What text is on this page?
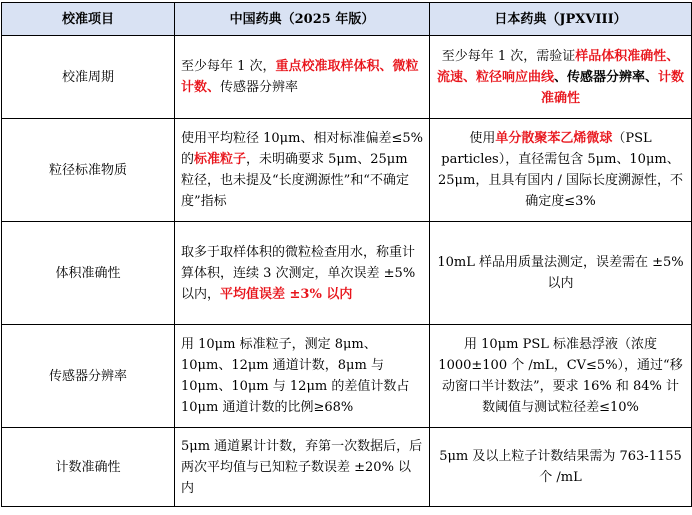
校准项目	中国药典（2025 年版）	日本药典（JPXVIII）
校准周期	至少每年 1 次，重点校准取样体积、微粒计数、传感器分辨率	至少每年 1 次，需验证样品体积准确性、流速、粒径响应曲线、传感器分辨率、计数准确性
粒径标准物质	使用平均粒径 10μm、相对标准偏差≤5% 的标准粒子，未明确要求 5μm、25μm 粒径，也未提及“长度溯源性”和“不确定度”指标	使用单分散聚苯乙烯微球（PSL particles），直径需包含 5μm、10μm、25μm，且具有国内 / 国际长度溯源性，不确定度≤3%
体积准确性	取多于取样体积的微粒检查用水，称重计算体积，连续 3 次测定，单次误差 ±5% 以内，平均值误差 ±3% 以内	10mL 样品用质量法测定，误差需在 ±5% 以内
传感器分辨率	用 10μm 标准粒子，测定 8μm、10μm、12μm 通道计数，8μm 与 10μm、10μm 与 12μm 的差值计数占 10μm 通道计数的比例≥68%	用 10μm PSL 标准悬浮液（浓度 1000±100 个 /mL，CV≤5%），通过“移动窗口半计数法”，要求 16% 和 84% 计数阈值与测试粒径差≤10%
计数准确性	5μm 通道累计计数，弃第一次数据后，后两次平均值与已知粒子数误差 ±20% 以内	5μm 及以上粒子计数结果需为 763-1155 个 /mL
